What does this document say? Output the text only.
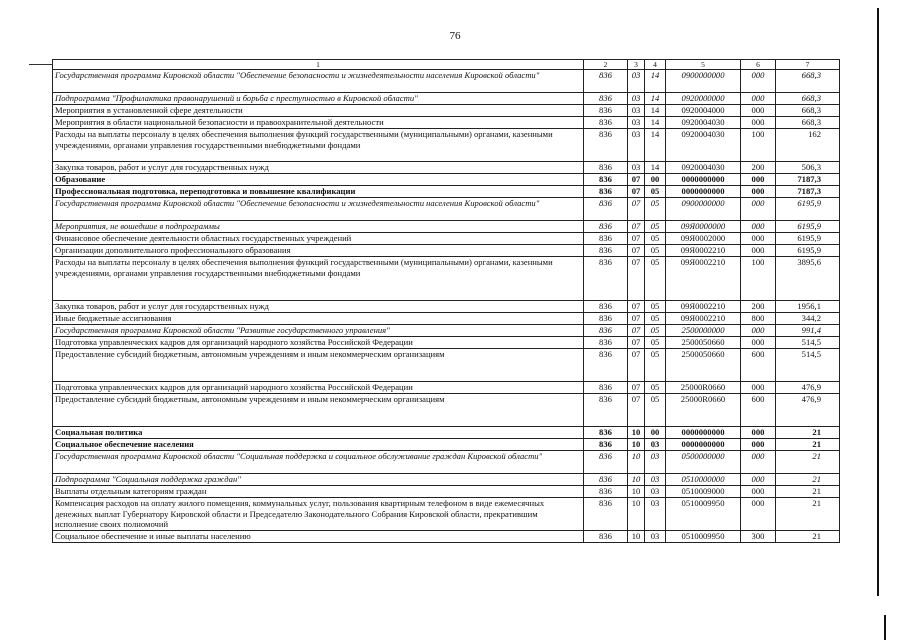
76
1	2	3	4	5	6	7
Государственная программа Кировской области "Обеспечение безопасности и жизнедеятельности населения Кировской области"	836	03	14	0900000000	000	668,3
Подпрограмма "Профилактика правонарушений и борьба с преступностью в Кировской области"	836	03	14	0920000000	000	668,3
Мероприятия в установленной сфере деятельности	836	03	14	0920004000	000	668,3
Мероприятия в области национальной безопасности и правоохранительной деятельности	836	03	14	0920004030	000	668,3
Расходы на выплаты персоналу в целях обеспечения выполнения функций государственными (муниципальными) органами, казенными учреждениями, органами управления государственными внебюджетными фондами	836	03	14	0920004030	100	162
Закупка товаров, работ и услуг для государственных нужд	836	03	14	0920004030	200	506,3
Образование	836	07	00	0000000000	000	7187,3
Профессиональная подготовка, переподготовка и повышение квалификации	836	07	05	0000000000	000	7187,3
Государственная программа Кировской области "Обеспечение безопасности и жизнедеятельности населения Кировской области"	836	07	05	0900000000	000	6195,9
Мероприятия, не вошедшие в подпрограммы	836	07	05	09Я0000000	000	6195,9
Финансовое обеспечение деятельности областных государственных учреждений	836	07	05	09Я0002000	000	6195,9
Организации дополнительного профессионального образования	836	07	05	09Я0002210	000	6195,9
Расходы на выплаты персоналу в целях обеспечения выполнения функций государственными (муниципальными) органами, казенными учреждениями, органами управления государственными внебюджетными фондами	836	07	05	09Я0002210	100	3895,6
Закупка товаров, работ и услуг для государственных нужд	836	07	05	09Я0002210	200	1956,1
Иные бюджетные ассигнования	836	07	05	09Я0002210	800	344,2
Государственная программа Кировской области "Развитие государственного управления"	836	07	05	2500000000	000	991,4
Подготовка управленческих кадров для организаций народного хозяйства Российской Федерации	836	07	05	2500050660	000	514,5
Предоставление субсидий бюджетным, автономным учреждениям и иным некоммерческим организациям	836	07	05	2500050660	600	514,5
Подготовка управленческих кадров для организаций народного хозяйства Российской Федерации	836	07	05	25000R0660	000	476,9
Предоставление субсидий бюджетным, автономным учреждениям и иным некоммерческим организациям	836	07	05	25000R0660	600	476,9
Социальная политика	836	10	00	0000000000	000	21
Социальное обеспечение населения	836	10	03	0000000000	000	21
Государственная программа Кировской области "Социальная поддержка и социальное обслуживание граждан Кировской области"	836	10	03	0500000000	000	21
Подпрограмма "Социальная поддержка граждан"	836	10	03	0510000000	000	21
Выплаты отдельным категориям граждан	836	10	03	0510009000	000	21
Компенсация расходов на оплату жилого помещения, коммунальных услуг, пользования квартирным телефоном в виде ежемесячных денежных выплат Губернатору Кировской области и Председателю Законодательного Собрания Кировской области, прекратившим исполнение своих полномочий	836	10	03	0510009950	000	21
Социальное обеспечение и иные выплаты населению	836	10	03	0510009950	300	21
